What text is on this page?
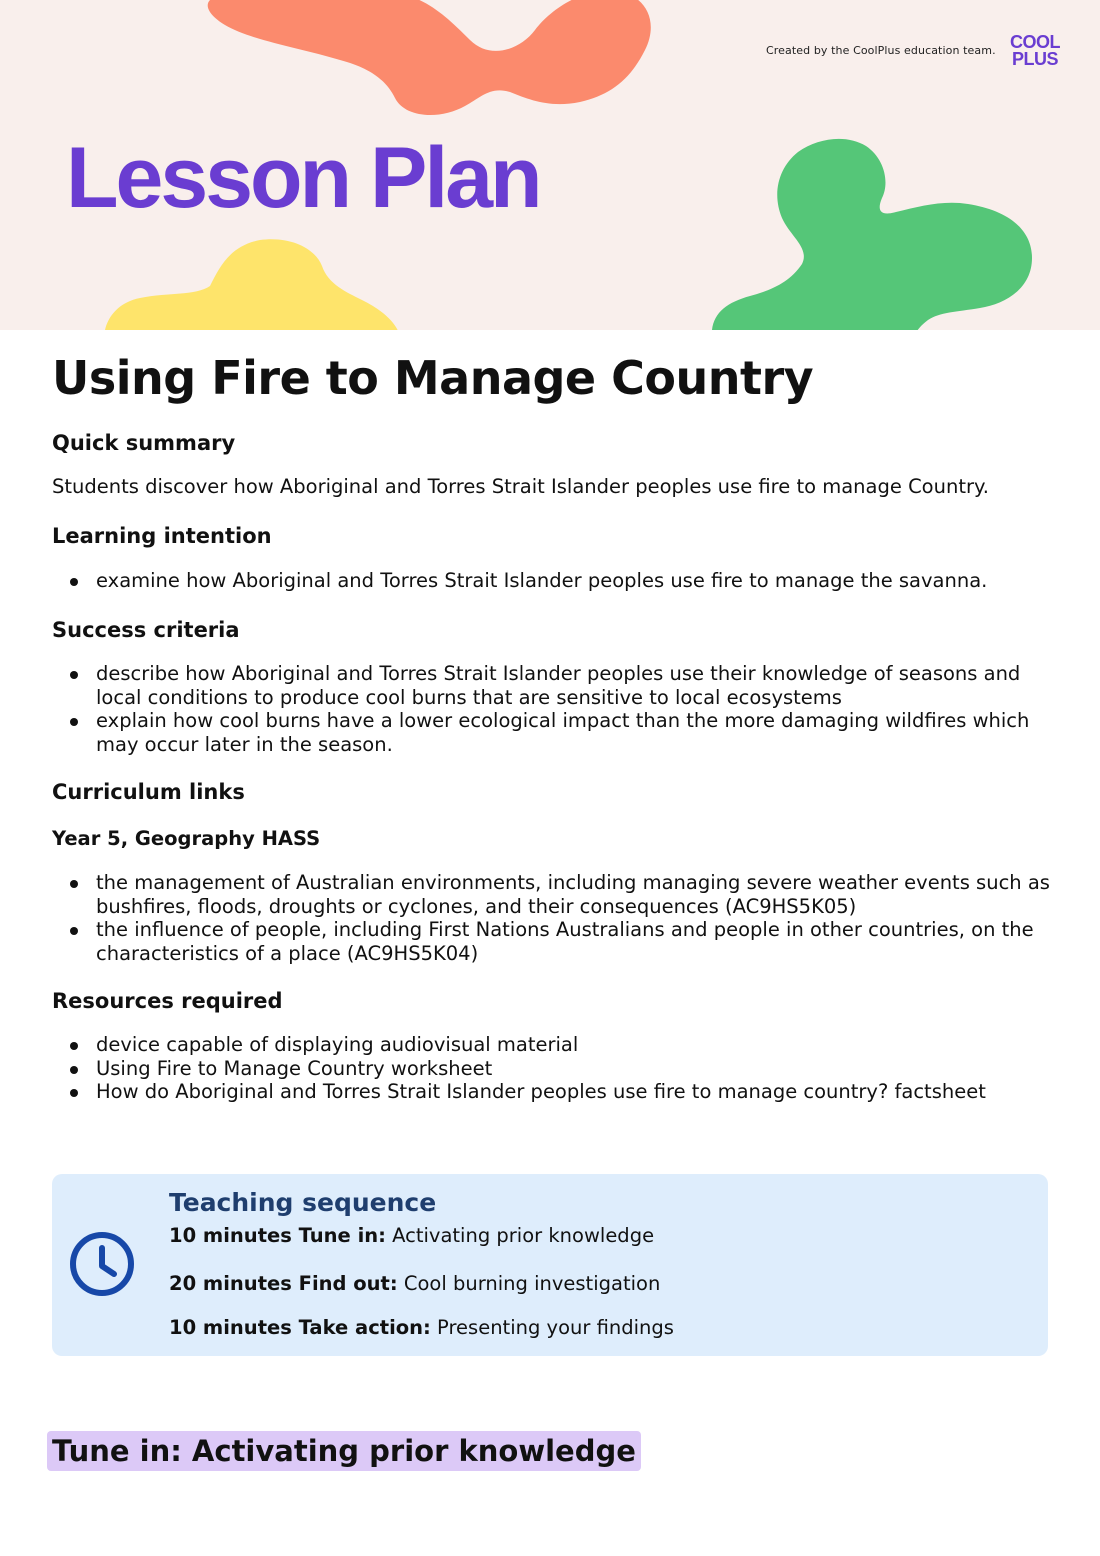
Created by the CoolPlus education team. COOL
PLUS
Lesson Plan
Using Fire to Manage Country

Quick summary

Students discover how Aboriginal and Torres Strait Islander peoples use fire to manage Country.

Learning intention

examine how Aboriginal and Torres Strait Islander peoples use fire to manage the savanna.

Success criteria

describe how Aboriginal and Torres Strait Islander peoples use their knowledge of seasons and local conditions to produce cool burns that are sensitive to local ecosystems
explain how cool burns have a lower ecological impact than the more damaging wildfires which may occur later in the season.

Curriculum links

Year 5, Geography HASS

the management of Australian environments, including managing severe weather events such as bushfires, floods, droughts or cyclones, and their consequences (AC9HS5K05)
the influence of people, including First Nations Australians and people in other countries, on the characteristics of a place (AC9HS5K04)

Resources required

device capable of displaying audiovisual material
Using Fire to Manage Country worksheet
How do Aboriginal and Torres Strait Islander peoples use fire to manage country? factsheet
Teaching sequence
10 minutes Tune in: Activating prior knowledge
20 minutes Find out: Cool burning investigation
10 minutes Take action: Presenting your findings
Tune in: Activating prior knowledge
